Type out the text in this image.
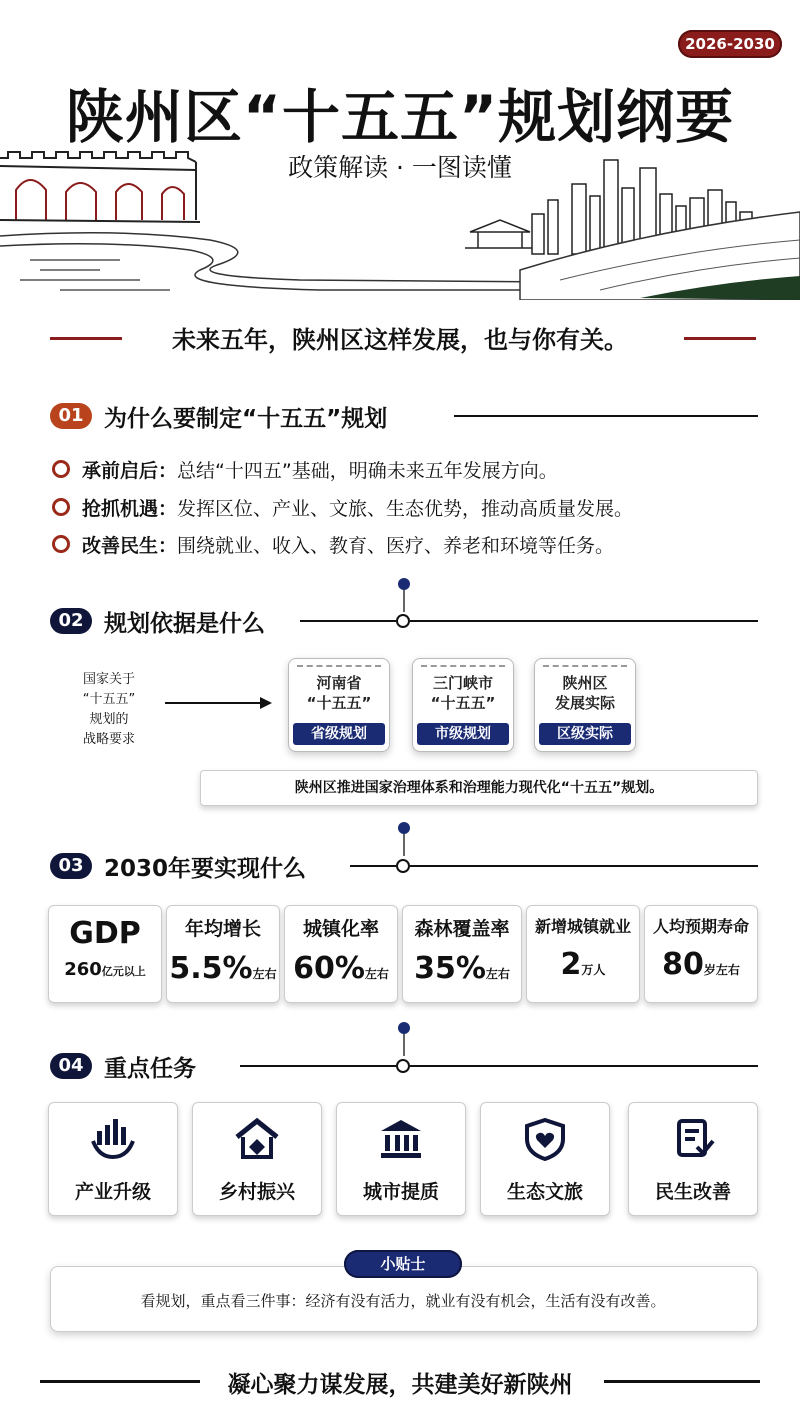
2026-2030
陕州区“十五五”规划纲要
政策解读 · 一图读懂
未来五年，陕州区这样发展，也与你有关。
01 为什么要制定“十五五”规划
承前启后：总结“十四五”基础，明确未来五年发展方向。
抢抓机遇：发挥区位、产业、文旅、生态优势，推动高质量发展。
改善民生：围绕就业、收入、教育、医疗、养老和环境等任务。
02 规划依据是什么
国家关于
“十五五”
规划的
战略要求
河南省
“十五五”
省级规划
三门峡市
“十五五”
市级规划
陕州区
发展实际
区级实际
陕州区推进国家治理体系和治理能力现代化“十五五”规划。
03 2030年要实现什么
GDP
260亿元以上
年均增长
5.5%左右
城镇化率
60%左右
森林覆盖率
35%左右
新增城镇就业
2万人
人均预期寿命
80岁左右
04 重点任务
产业升级	乡村振兴	城市提质	生态文旅	民生改善
小贴士
看规划，重点看三件事：经济有没有活力，就业有没有机会，生活有没有改善。
凝心聚力谋发展，共建美好新陕州
